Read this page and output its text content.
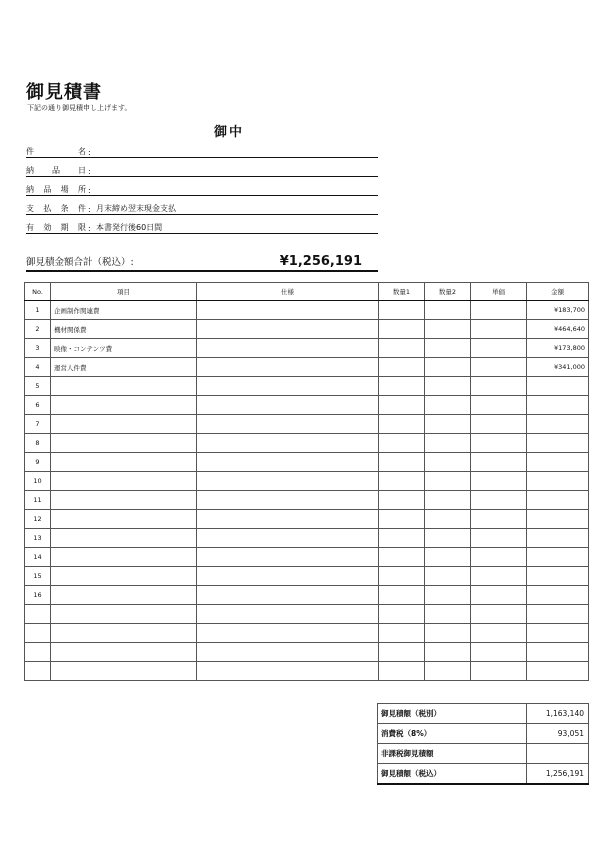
御見積書
下記の通り御見積申し上げます。
御中
件	名 :
納 品 日 :
納 品 場 所 :
支 払 条 件 : 月末締め翌末現金支払
有 効 期 限 : 本書発行後60日間
御見積金額合計（税込）:	¥1,256,191
No.	項目	仕様	数量1	数量2	単価	金額
1	企画制作関連費					¥183,700
2	機材関係費					¥464,640
3	映像・コンテンツ費					¥173,800
4	運営人件費					¥341,000
5						
6						
7						
8						
9						
10						
11						
12						
13						
14						
15						
16						

御見積額（税別）	1,163,140
消費税（8%）	93,051
非課税御見積額	
御見積額（税込）	1,256,191
